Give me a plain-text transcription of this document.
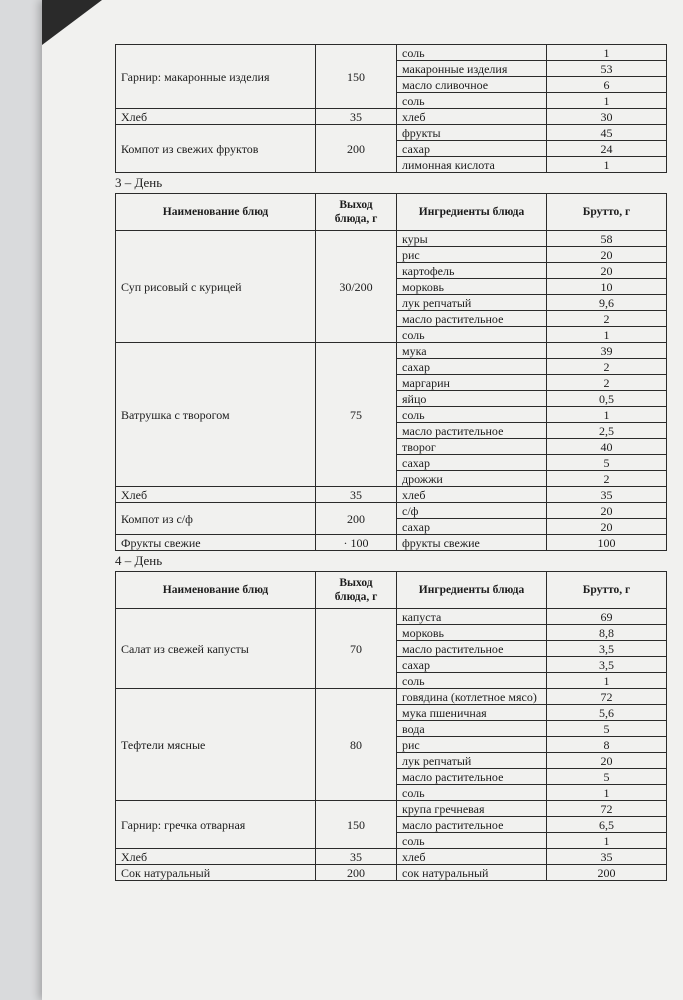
Гарнир: макаронные изделия	150	соль	1
		макаронные изделия	53
		масло сливочное	6
		соль	1
Хлеб	35	хлеб	30
Компот из свежих фруктов	200	фрукты	45
		сахар	24
		лимонная кислота	1
3 – День
Наименование блюд	Выход блюда, г	Ингредиенты блюда	Брутто, г
Суп рисовый с курицей	30/200	куры	58
		рис	20
		картофель	20
		морковь	10
		лук репчатый	9,6
		масло растительное	2
		соль	1
Ватрушка с творогом	75	мука	39
		сахар	2
		маргарин	2
		яйцо	0,5
		соль	1
		масло растительное	2,5
		творог	40
		сахар	5
		дрожжи	2
Хлеб	35	хлеб	35
Компот из с/ф	200	с/ф	20
		сахар	20
Фрукты свежие	· 100	фрукты свежие	100
4 – День
Наименование блюд	Выход блюда, г	Ингредиенты блюда	Брутто, г
Салат из свежей капусты	70	капуста	69
		морковь	8,8
		масло растительное	3,5
		сахар	3,5
		соль	1
Тефтели мясные	80	говядина (котлетное мясо)	72
		мука пшеничная	5,6
		вода	5
		рис	8
		лук репчатый	20
		масло растительное	5
		соль	1
Гарнир: гречка отварная	150	крупа гречневая	72
		масло растительное	6,5
		соль	1
Хлеб	35	хлеб	35
Сок натуральный	200	сок натуральный	200
